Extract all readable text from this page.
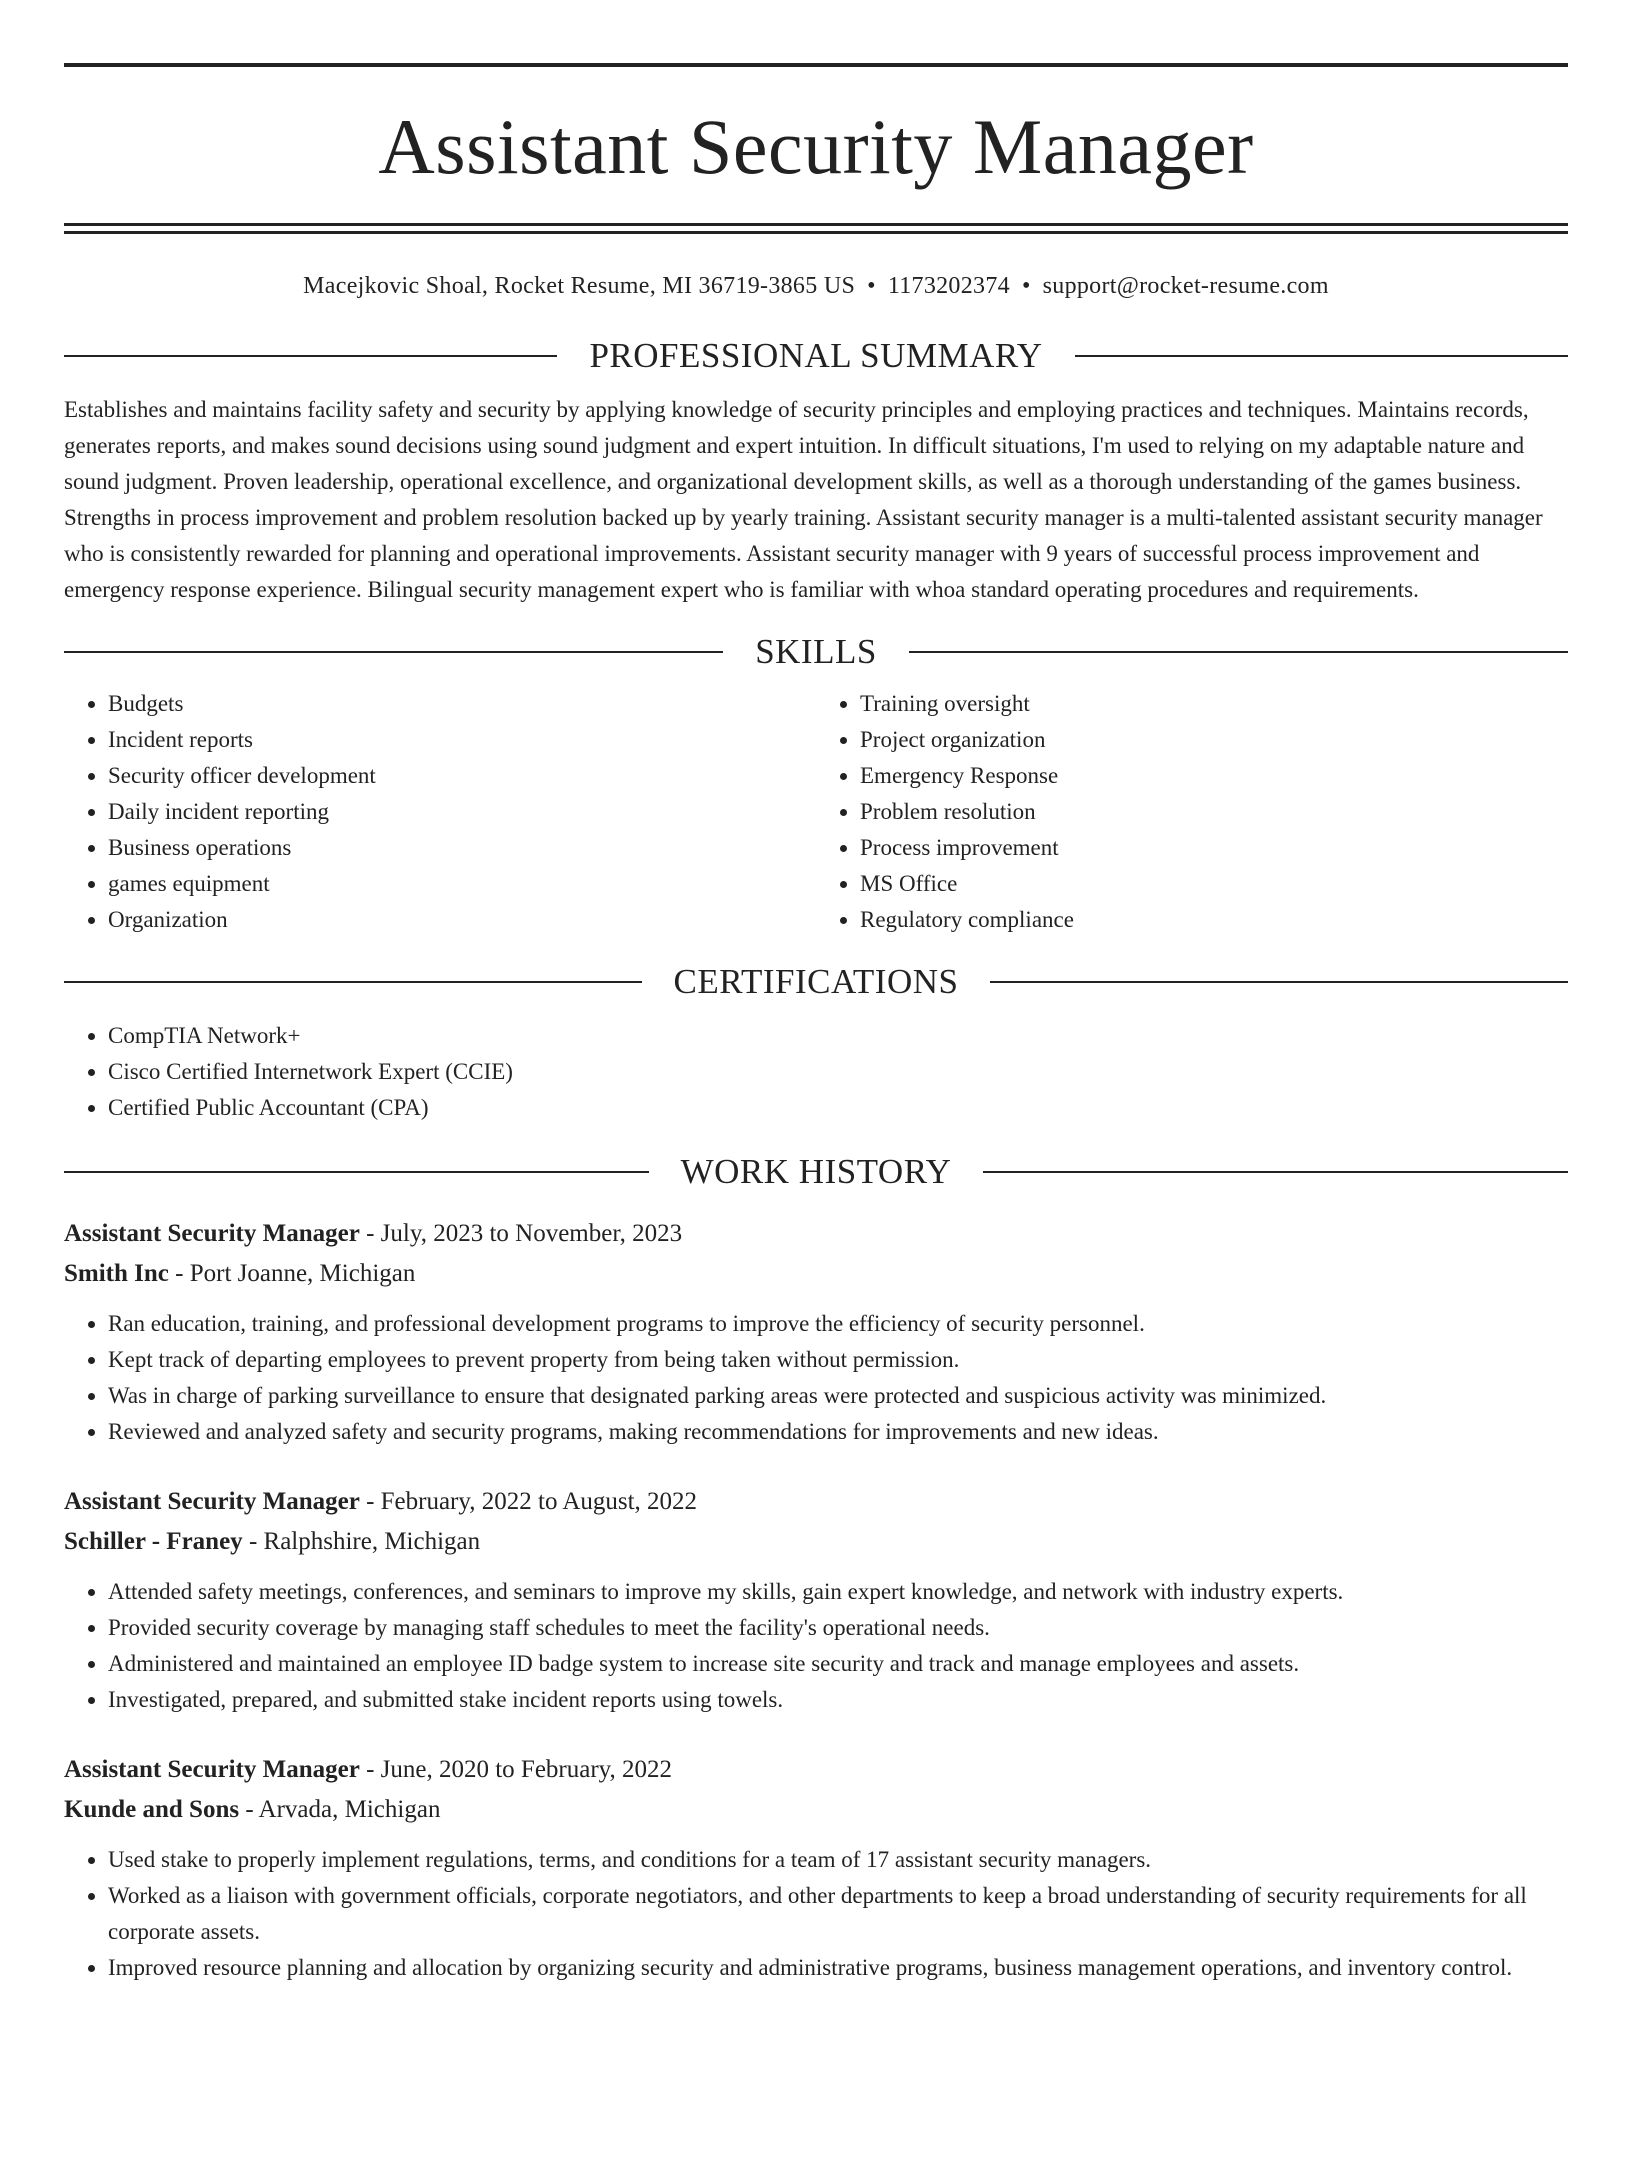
Assistant Security Manager
Macejkovic Shoal, Rocket Resume, MI 36719-3865 US • 1173202374 • support@rocket-resume.com
PROFESSIONAL SUMMARY
Establishes and maintains facility safety and security by applying knowledge of security principles and employing practices and techniques. Maintains records, generates reports, and makes sound decisions using sound judgment and expert intuition. In difficult situations, I'm used to relying on my adaptable nature and sound judgment. Proven leadership, operational excellence, and organizational development skills, as well as a thorough understanding of the games business. Strengths in process improvement and problem resolution backed up by yearly training. Assistant security manager is a multi-talented assistant security manager who is consistently rewarded for planning and operational improvements. Assistant security manager with 9 years of successful process improvement and emergency response experience. Bilingual security management expert who is familiar with whoa standard operating procedures and requirements.
SKILLS
• Budgets
• Incident reports
• Security officer development
• Daily incident reporting
• Business operations
• games equipment
• Organization
• Training oversight
• Project organization
• Emergency Response
• Problem resolution
• Process improvement
• MS Office
• Regulatory compliance
CERTIFICATIONS
• CompTIA Network+
• Cisco Certified Internetwork Expert (CCIE)
• Certified Public Accountant (CPA)
WORK HISTORY
Assistant Security Manager - July, 2023 to November, 2023
Smith Inc - Port Joanne, Michigan
• Ran education, training, and professional development programs to improve the efficiency of security personnel.
• Kept track of departing employees to prevent property from being taken without permission.
• Was in charge of parking surveillance to ensure that designated parking areas were protected and suspicious activity was minimized.
• Reviewed and analyzed safety and security programs, making recommendations for improvements and new ideas.
Assistant Security Manager - February, 2022 to August, 2022
Schiller - Franey - Ralphshire, Michigan
• Attended safety meetings, conferences, and seminars to improve my skills, gain expert knowledge, and network with industry experts.
• Provided security coverage by managing staff schedules to meet the facility's operational needs.
• Administered and maintained an employee ID badge system to increase site security and track and manage employees and assets.
• Investigated, prepared, and submitted stake incident reports using towels.
Assistant Security Manager - June, 2020 to February, 2022
Kunde and Sons - Arvada, Michigan
• Used stake to properly implement regulations, terms, and conditions for a team of 17 assistant security managers.
• Worked as a liaison with government officials, corporate negotiators, and other departments to keep a broad understanding of security requirements for all corporate assets.
• Improved resource planning and allocation by organizing security and administrative programs, business management operations, and inventory control.
